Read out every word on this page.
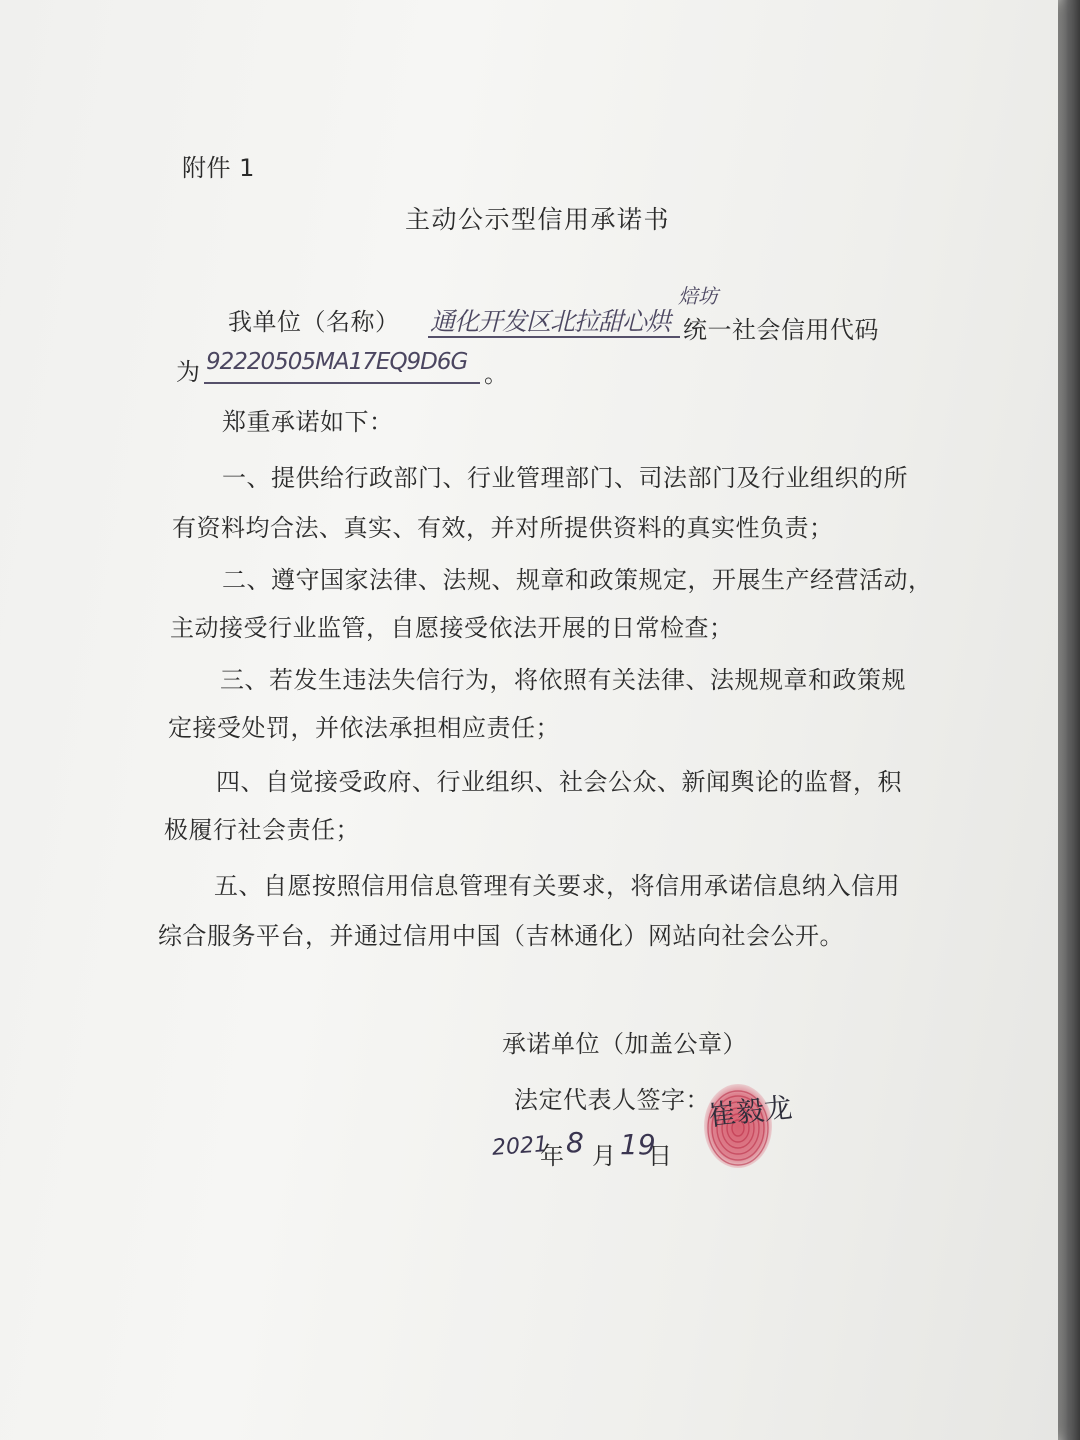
附件 1

主动公示型信用承诺书

我单位（名称） 通化开发区北拉甜心烘
焙坊

统一社会信用代码

为 92220505MA17EQ9D6G 。

郑重承诺如下：

一、提供给行政部门、行业管理部门、司法部门及行业组织的所

有资料均合法、真实、有效，并对所提供资料的真实性负责；

二、遵守国家法律、法规、规章和政策规定，开展生产经营活动，

主动接受行业监管，自愿接受依法开展的日常检查；

三、若发生违法失信行为，将依照有关法律、法规规章和政策规

定接受处罚，并依法承担相应责任；

四、自觉接受政府、行业组织、社会公众、新闻舆论的监督，积

极履行社会责任；

五、自愿按照信用信息管理有关要求，将信用承诺信息纳入信用

综合服务平台，并通过信用中国（吉林通化）网站向社会公开。

承诺单位（加盖公章）

法定代表人签字：

崔毅龙
2021

年 8 月 19

日
